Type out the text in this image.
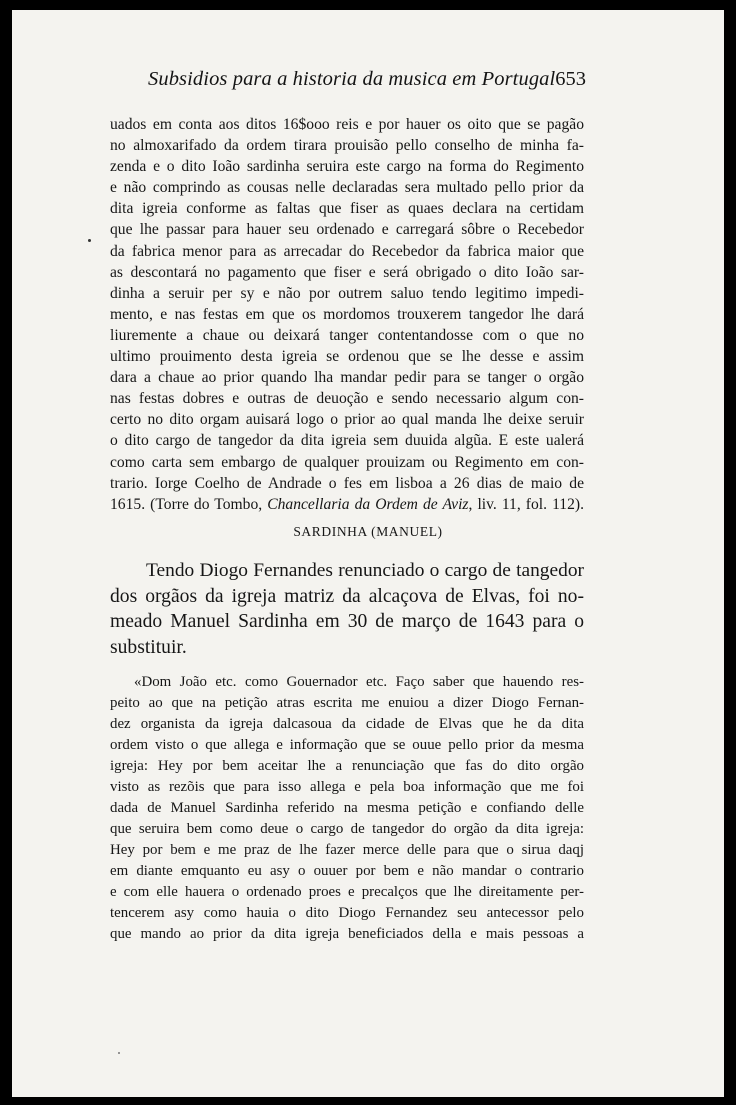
Subsidios para a historia da musica em Portugal 653
uados em conta aos ditos 16$ooo reis e por hauer os oito que se pagão
no almoxarifado da ordem tirara prouisão pello conselho de minha fa-
zenda e o dito Ioão sardinha seruira este cargo na forma do Regimento
e não comprindo as cousas nelle declaradas sera multado pello prior da
dita igreia conforme as faltas que fiser as quaes declara na certidam
que lhe passar para hauer seu ordenado e carregará sôbre o Recebedor
da fabrica menor para as arrecadar do Recebedor da fabrica maior que
as descontará no pagamento que fiser e será obrigado o dito Ioão sar-
dinha a seruir per sy e não por outrem saluo tendo legitimo impedi-
mento, e nas festas em que os mordomos trouxerem tangedor lhe dará
liuremente a chaue ou deixará tanger contentandosse com o que no
ultimo prouimento desta igreia se ordenou que se lhe desse e assim
dara a chaue ao prior quando lha mandar pedir para se tanger o orgão
nas festas dobres e outras de deuoção e sendo necessario algum con-
certo no dito orgam auisará logo o prior ao qual manda lhe deixe seruir
o dito cargo de tangedor da dita igreia sem duuida algũa. E este ualerá
como carta sem embargo de qualquer prouizam ou Regimento em con-
trario. Iorge Coelho de Andrade o fes em lisboa a 26 dias de maio de
1615. (Torre do Tombo, Chancellaria da Ordem de Aviz, liv. 11, fol. 112).
SARDINHA (MANUEL)
Tendo Diogo Fernandes renunciado o cargo de tangedor
dos orgãos da igreja matriz da alcaçova de Elvas, foi no-
meado Manuel Sardinha em 30 de março de 1643 para o
substituir.
«Dom João etc. como Gouernador etc. Faço saber que hauendo res-
peito ao que na petição atras escrita me enuiou a dizer Diogo Fernan-
dez organista da igreja dalcasoua da cidade de Elvas que he da dita
ordem visto o que allega e informação que se ouue pello prior da mesma
igreja: Hey por bem aceitar lhe a renunciação que fas do dito orgão
visto as rezõis que para isso allega e pela boa informação que me foi
dada de Manuel Sardinha referido na mesma petição e confiando delle
que seruira bem como deue o cargo de tangedor do orgão da dita igreja:
Hey por bem e me praz de lhe fazer merce delle para que o sirua daqj
em diante emquanto eu asy o ouuer por bem e não mandar o contrario
e com elle hauera o ordenado proes e precalços que lhe direitamente per-
tencerem asy como hauia o dito Diogo Fernandez seu antecessor pelo
que mando ao prior da dita igreja beneficiados della e mais pessoas a
